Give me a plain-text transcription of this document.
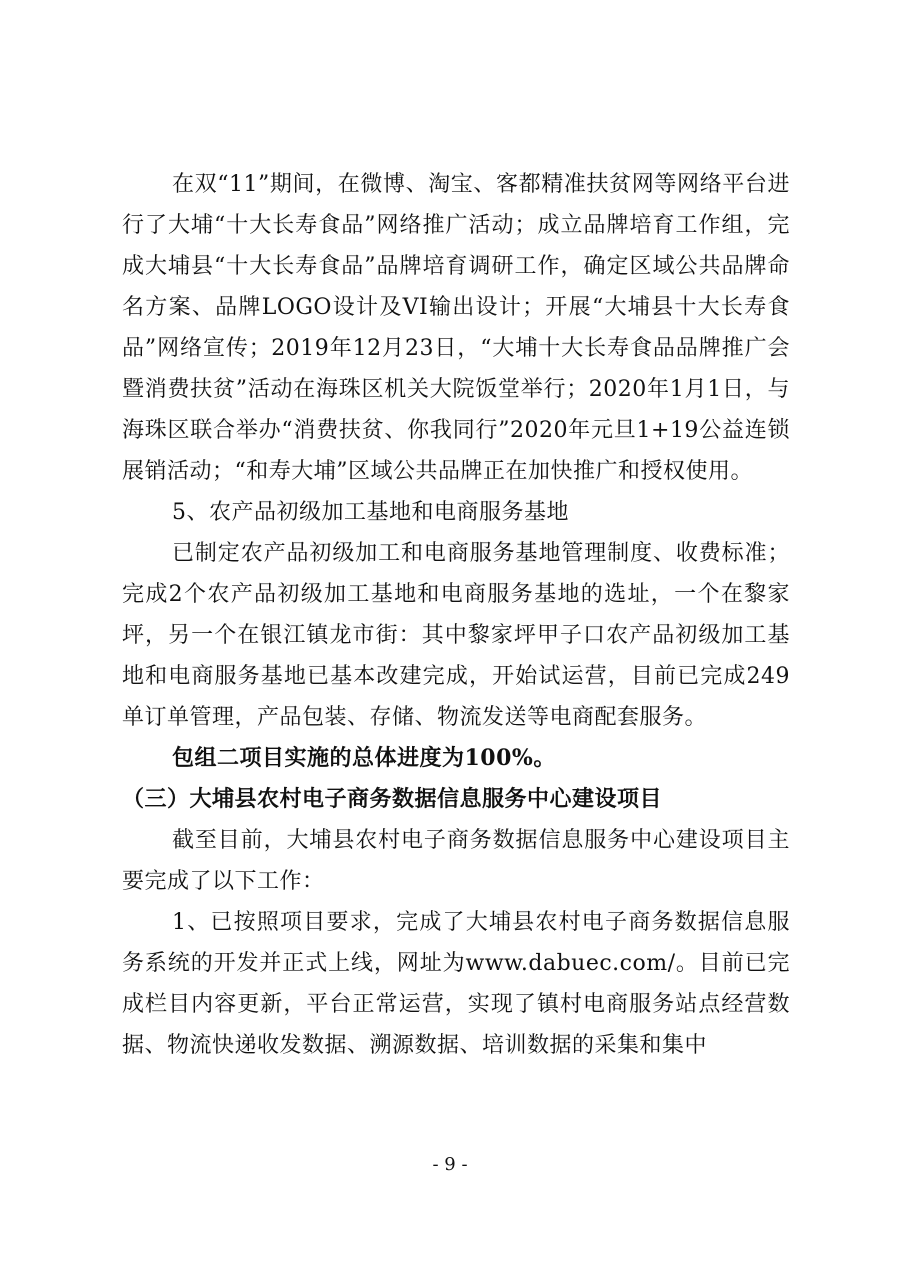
在双“11”期间，在微博、淘宝、客都精准扶贫网等网络平台进行了大埔“十大长寿食品”网络推广活动；成立品牌培育工作组，完成大埔县“十大长寿食品”品牌培育调研工作，确定区域公共品牌命名方案、品牌LOGO设计及VI输出设计；开展“大埔县十大长寿食品”网络宣传；2019年12月23日，“大埔十大长寿食品品牌推广会暨消费扶贫”活动在海珠区机关大院饭堂举行；2020年1月1日，与海珠区联合举办“消费扶贫、你我同行”2020年元旦1+19公益连锁展销活动；“和寿大埔”区域公共品牌正在加快推广和授权使用。

5、农产品初级加工基地和电商服务基地

已制定农产品初级加工和电商服务基地管理制度、收费标准；完成2个农产品初级加工基地和电商服务基地的选址，一个在黎家坪，另一个在银江镇龙市街：其中黎家坪甲子口农产品初级加工基地和电商服务基地已基本改建完成，开始试运营，目前已完成249单订单管理，产品包装、存储、物流发送等电商配套服务。

包组二项目实施的总体进度为100%。

（三）大埔县农村电子商务数据信息服务中心建设项目

截至目前，大埔县农村电子商务数据信息服务中心建设项目主要完成了以下工作：

1、已按照项目要求，完成了大埔县农村电子商务数据信息服务系统的开发并正式上线，网址为www.dabuec.com/。目前已完成栏目内容更新，平台正常运营，实现了镇村电商服务站点经营数据、物流快递收发数据、溯源数据、培训数据的采集和集中

- 9 -
